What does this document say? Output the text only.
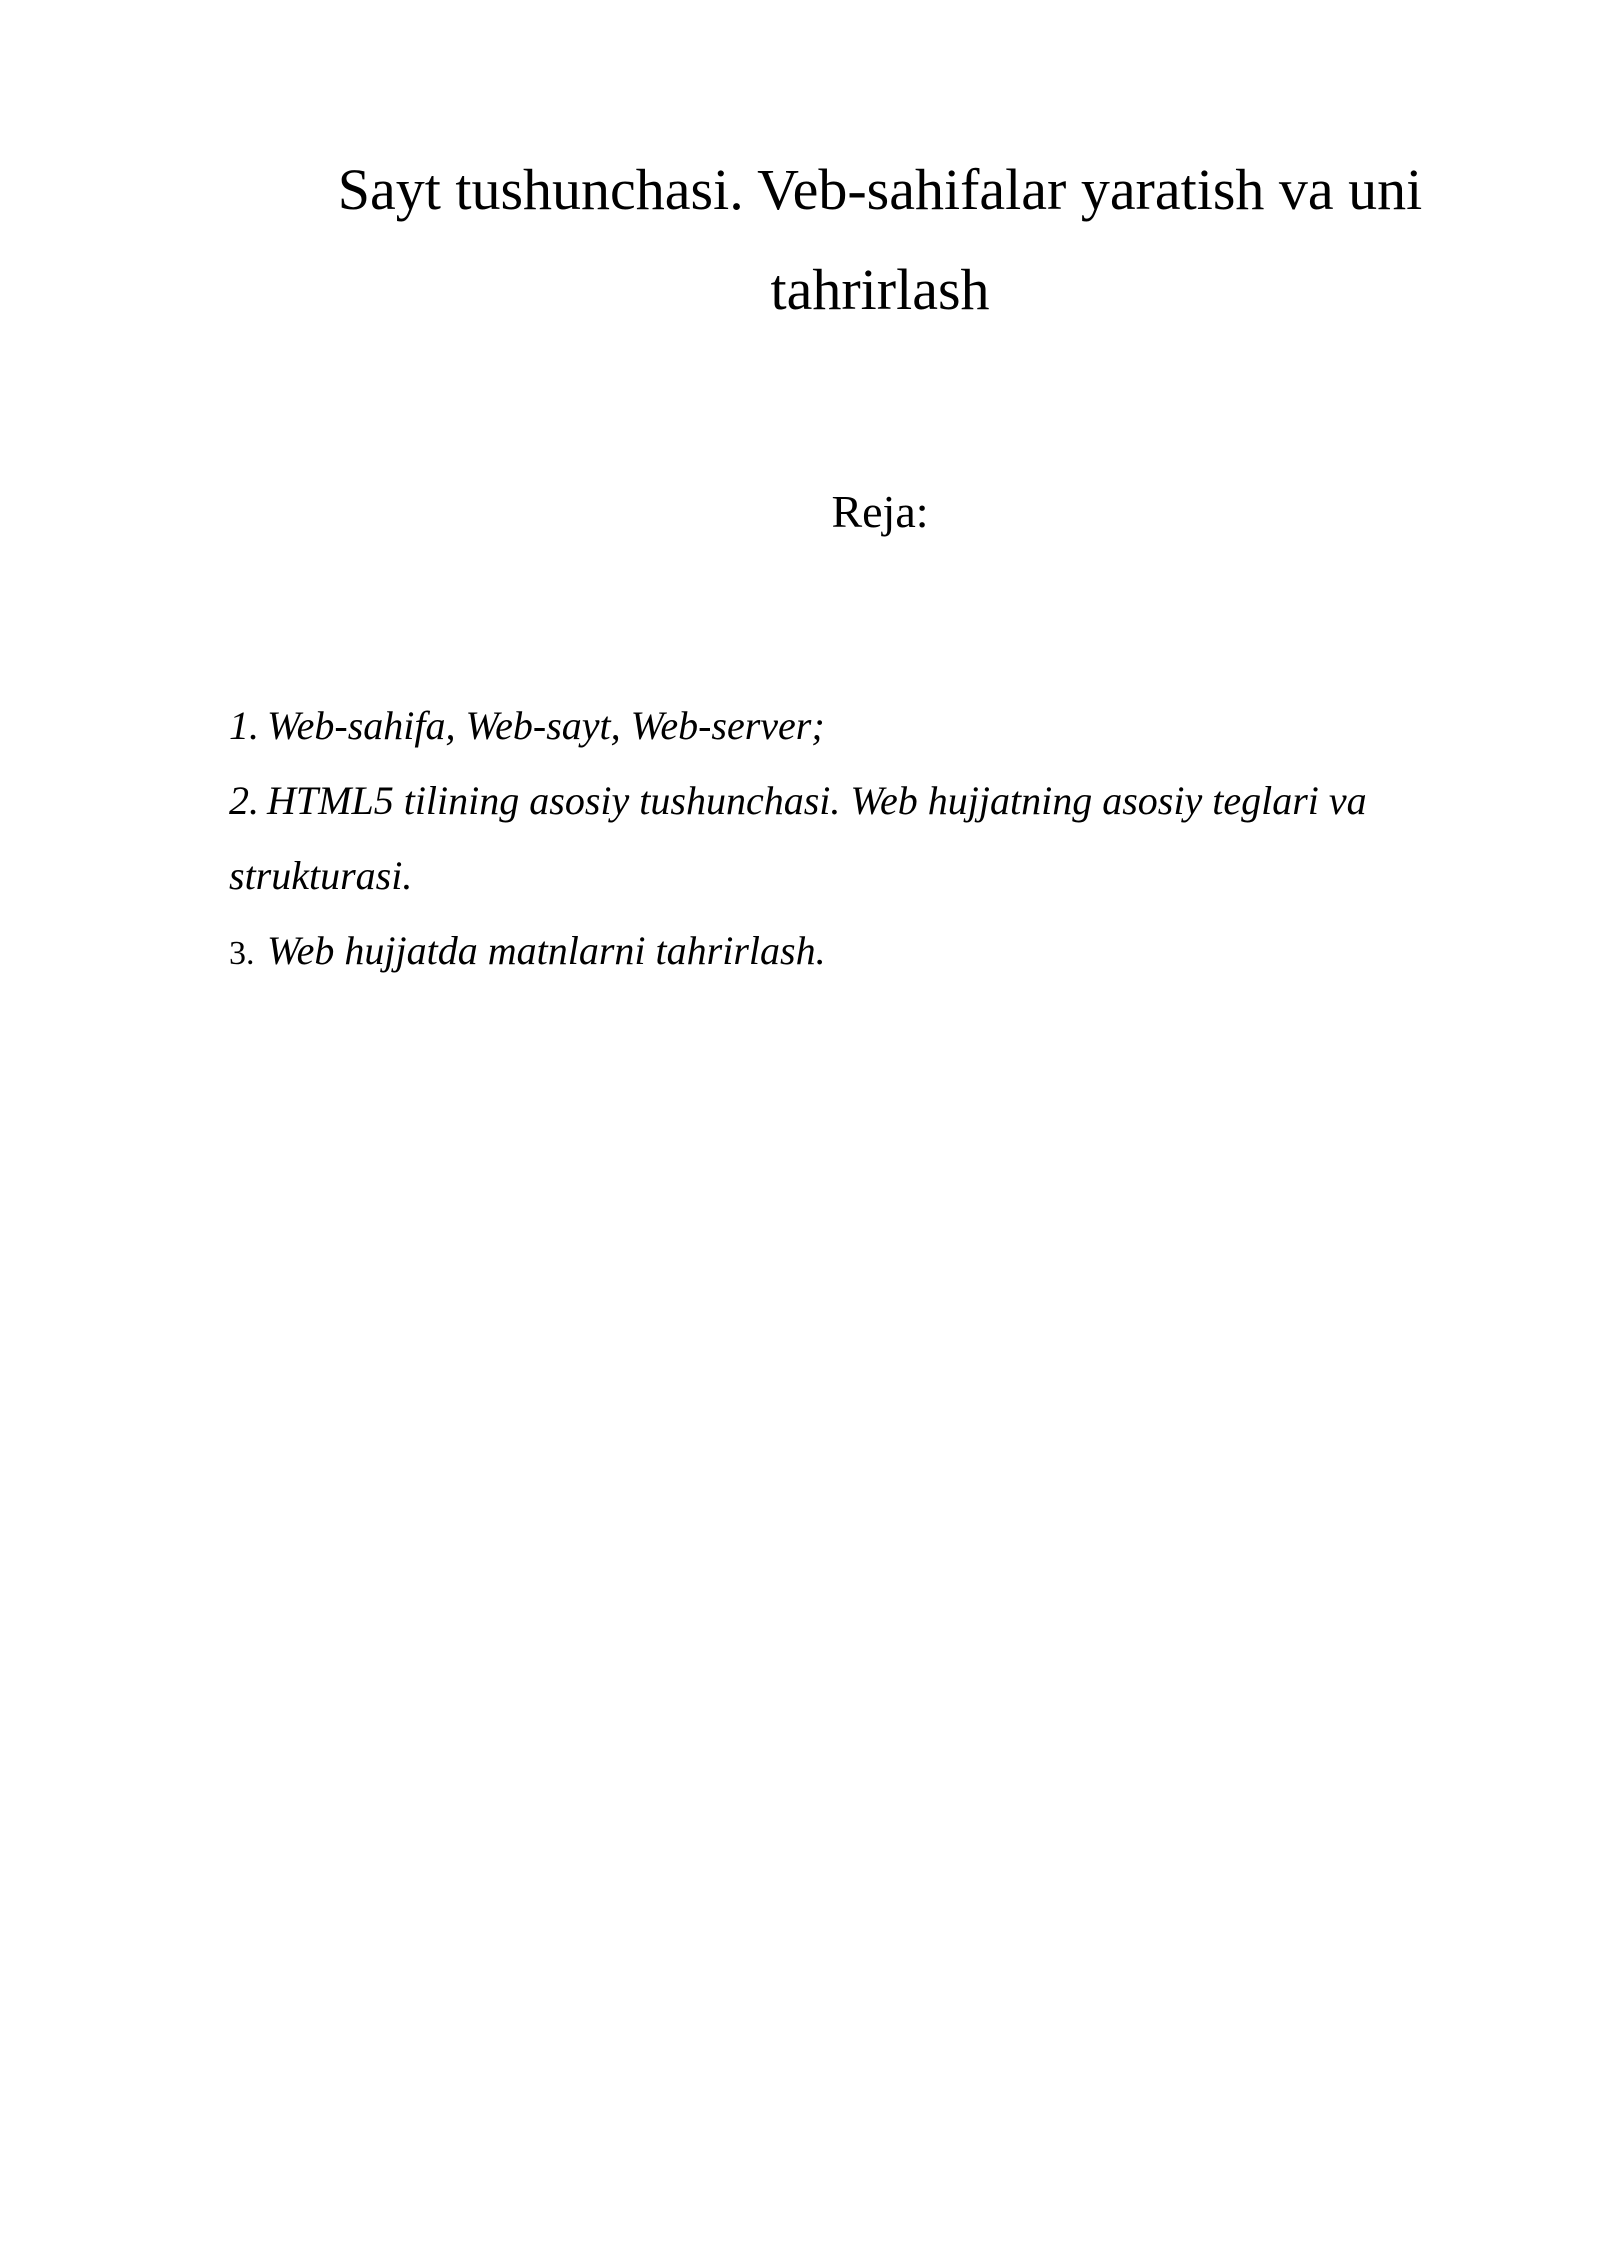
Sayt tushunchasi. Veb-sahifalar yaratish va uni tahrirlash
Reja:
1. Web-sahifa, Web-sayt, Web-server;
2. HTML5 tilining asosiy tushunchasi. Web hujjatning asosiy teglari va strukturasi.
3. Web hujjatda matnlarni tahrirlash.
